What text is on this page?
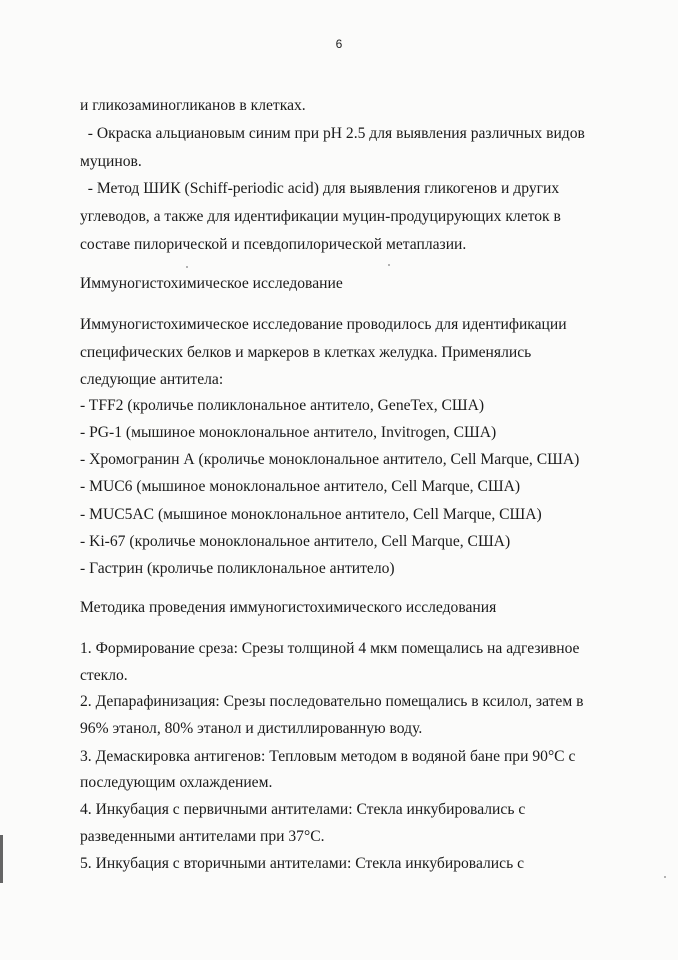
6
и гликозаминогликанов в клетках.
- Окраска альциановым синим при pH 2.5 для выявления различных видов
муцинов.
- Метод ШИК (Schiff-periodic acid) для выявления гликогенов и других
углеводов, а также для идентификации муцин-продуцирующих клеток в
составе пилорической и псевдопилорической метаплазии.
Иммуногистохимическое исследование
Иммуногистохимическое исследование проводилось для идентификации
специфических белков и маркеров в клетках желудка. Применялись
следующие антитела:
- TFF2 (кроличье поликлональное антитело, GeneTex, США)
- PG-1 (мышиное моноклональное антитело, Invitrogen, США)
- Хромогранин А (кроличье моноклональное антитело, Cell Marque, США)
- MUC6 (мышиное моноклональное антитело, Cell Marque, США)
- MUC5AC (мышиное моноклональное антитело, Cell Marque, США)
- Ki-67 (кроличье моноклональное антитело, Cell Marque, США)
- Гастрин (кроличье поликлональное антитело)
Методика проведения иммуногистохимического исследования
1. Формирование среза: Срезы толщиной 4 мкм помещались на адгезивное
стекло.
2. Депарафинизация: Срезы последовательно помещались в ксилол, затем в
96% этанол, 80% этанол и дистиллированную воду.
3. Демаскировка антигенов: Тепловым методом в водяной бане при 90°С с
последующим охлаждением.
4. Инкубация с первичными антителами: Стекла инкубировались с
разведенными антителами при 37°С.
5. Инкубация с вторичными антителами: Стекла инкубировались с
